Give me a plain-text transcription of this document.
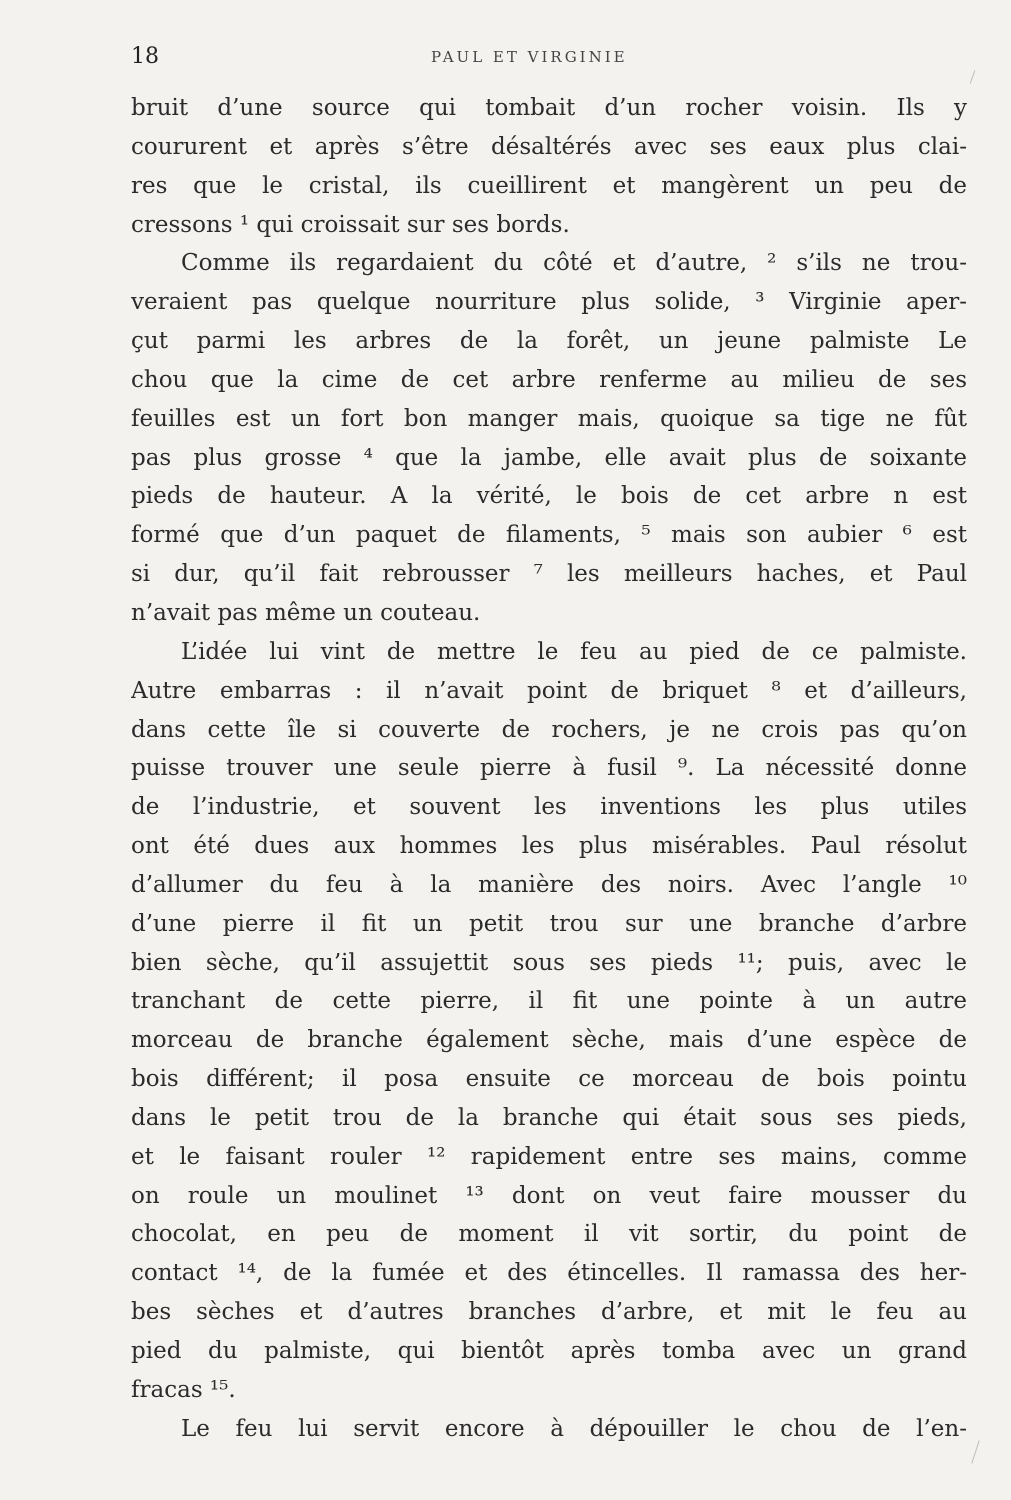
18	PAUL ET VIRGINIE
bruit d’une source qui tombait d’un rocher voisin. Ils y
coururent et après s’être désaltérés avec ses eaux plus clai-
res que le cristal, ils cueillirent et mangèrent un peu de
cressons ¹ qui croissait sur ses bords.
Comme ils regardaient du côté et d’autre, ² s’ils ne trou-
veraient pas quelque nourriture plus solide, ³ Virginie aper-
çut parmi les arbres de la forêt, un jeune palmiste Le
chou que la cime de cet arbre renferme au milieu de ses
feuilles est un fort bon manger mais, quoique sa tige ne fût
pas plus grosse ⁴ que la jambe, elle avait plus de soixante
pieds de hauteur. A la vérité, le bois de cet arbre n est
formé que d’un paquet de filaments, ⁵ mais son aubier ⁶ est
si dur, qu’il fait rebrousser ⁷ les meilleurs haches, et Paul
n’avait pas même un couteau.
L’idée lui vint de mettre le feu au pied de ce palmiste.
Autre embarras : il n’avait point de briquet ⁸ et d’ailleurs,
dans cette île si couverte de rochers, je ne crois pas qu’on
puisse trouver une seule pierre à fusil ⁹. La nécessité donne
de l’industrie, et souvent les inventions les plus utiles
ont été dues aux hommes les plus misérables. Paul résolut
d’allumer du feu à la manière des noirs. Avec l’angle ¹⁰
d’une pierre il fit un petit trou sur une branche d’arbre
bien sèche, qu’il assujettit sous ses pieds ¹¹; puis, avec le
tranchant de cette pierre, il fit une pointe à un autre
morceau de branche également sèche, mais d’une espèce de
bois différent; il posa ensuite ce morceau de bois pointu
dans le petit trou de la branche qui était sous ses pieds,
et le faisant rouler ¹² rapidement entre ses mains, comme
on roule un moulinet ¹³ dont on veut faire mousser du
chocolat, en peu de moment il vit sortir, du point de
contact ¹⁴, de la fumée et des étincelles. Il ramassa des her-
bes sèches et d’autres branches d’arbre, et mit le feu au
pied du palmiste, qui bientôt après tomba avec un grand
fracas ¹⁵.
Le feu lui servit encore à dépouiller le chou de l’en-
